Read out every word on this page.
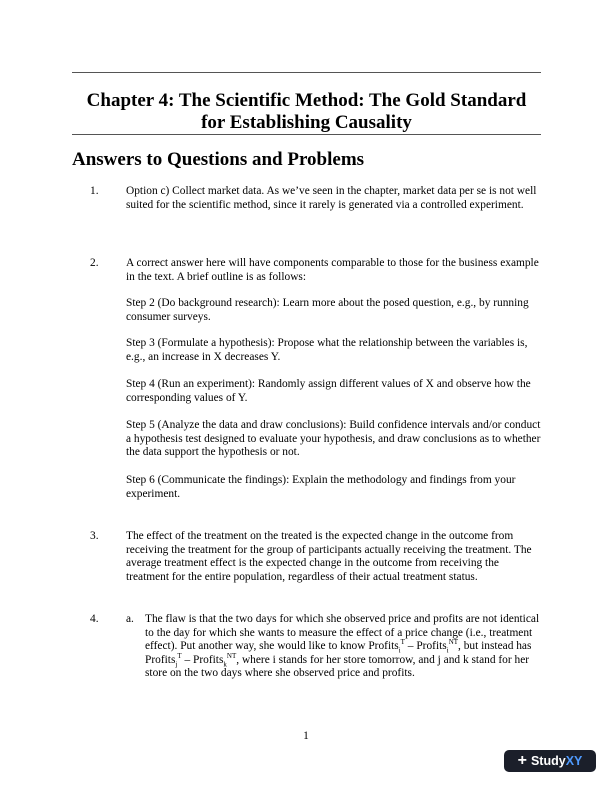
Chapter 4: The Scientific Method: The Gold Standard
for Establishing Causality
Answers to Questions and Problems
1. Option c) Collect market data. As we’ve seen in the chapter, market data per se is not well suited for the scientific method, since it rarely is generated via a controlled experiment.
2. A correct answer here will have components comparable to those for the business example in the text. A brief outline is as follows:
Step 2 (Do background research): Learn more about the posed question, e.g., by running consumer surveys.
Step 3 (Formulate a hypothesis): Propose what the relationship between the variables is, e.g., an increase in X decreases Y.
Step 4 (Run an experiment): Randomly assign different values of X and observe how the corresponding values of Y.
Step 5 (Analyze the data and draw conclusions): Build confidence intervals and/or conduct a hypothesis test designed to evaluate your hypothesis, and draw conclusions as to whether the data support the hypothesis or not.
Step 6 (Communicate the findings): Explain the methodology and findings from your experiment.
3. The effect of the treatment on the treated is the expected change in the outcome from receiving the treatment for the group of participants actually receiving the treatment. The average treatment effect is the expected change in the outcome from receiving the treatment for the entire population, regardless of their actual treatment status.
4. a. The flaw is that the two days for which she observed price and profits are not identical to the day for which she wants to measure the effect of a price change (i.e., treatment effect). Put another way, she would like to know Profits$_i^T$ – Profits$_i^{NT}$, but instead has Profits$_j^T$ – Profits$_k^{NT}$, where i stands for her store tomorrow, and j and k stand for her store on the two days where she observed price and profits.
1
+ Study XY
